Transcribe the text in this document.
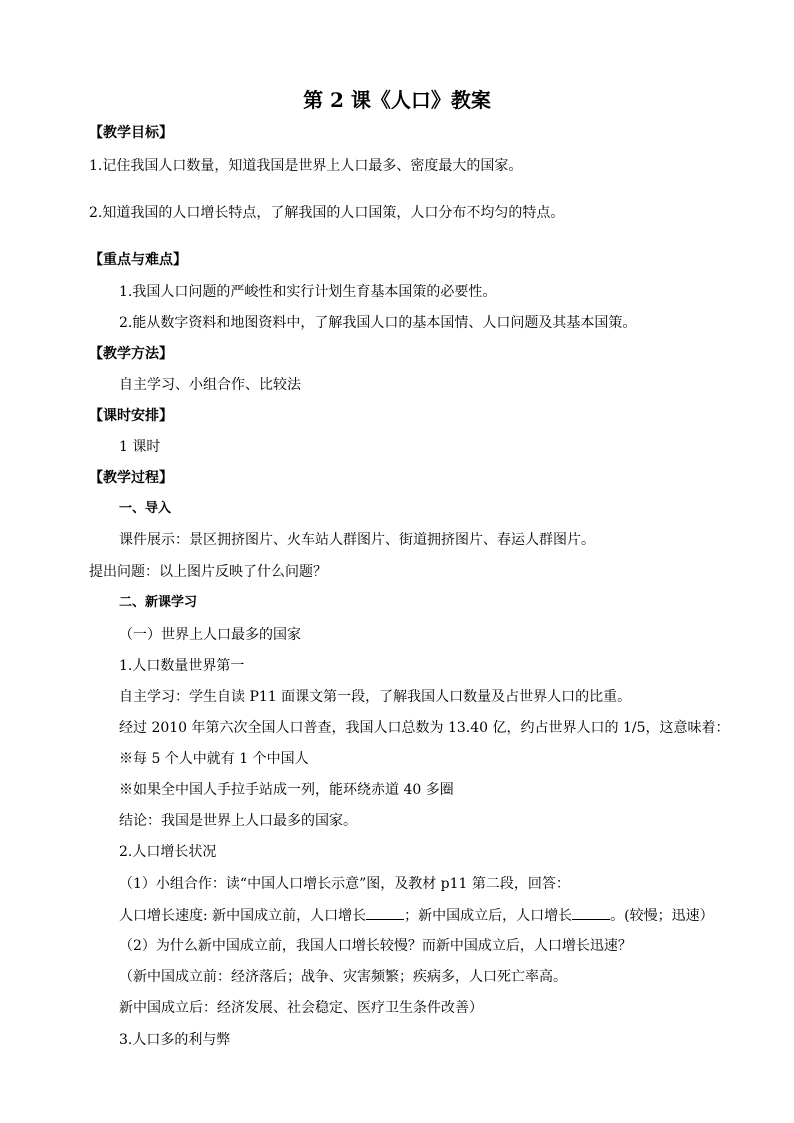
第 2 课《人口》教案
【教学目标】
1.记住我国人口数量，知道我国是世界上人口最多、密度最大的国家。
2.知道我国的人口增长特点，了解我国的人口国策，人口分布不均匀的特点。
【重点与难点】
1.我国人口问题的严峻性和实行计划生育基本国策的必要性。
2.能从数字资料和地图资料中，了解我国人口的基本国情、人口问题及其基本国策。
【教学方法】
自主学习、小组合作、比较法
【课时安排】
1 课时
【教学过程】
一、导入
课件展示：景区拥挤图片、火车站人群图片、街道拥挤图片、春运人群图片。
提出问题：以上图片反映了什么问题？
二、新课学习
（一）世界上人口最多的国家
1.人口数量世界第一
自主学习：学生自读 P11 面课文第一段，了解我国人口数量及占世界人口的比重。
经过 2010 年第六次全国人口普查，我国人口总数为 13.40 亿，约占世界人口的 1/5，这意味着：
※每 5 个人中就有 1 个中国人
※如果全中国人手拉手站成一列，能环绕赤道 40 多圈
结论：我国是世界上人口最多的国家。
2.人口增长状况
（1）小组合作：读“中国人口增长示意”图，及教材 p11 第二段，回答：
人口增长速度: 新中国成立前，人口增长	；新中国成立后，人口增长	。(较慢；迅速）
（2）为什么新中国成立前，我国人口增长较慢？而新中国成立后，人口增长迅速？
（新中国成立前：经济落后；战争、灾害频繁；疾病多，人口死亡率高。
新中国成立后：经济发展、社会稳定、医疗卫生条件改善）
3.人口多的利与弊
